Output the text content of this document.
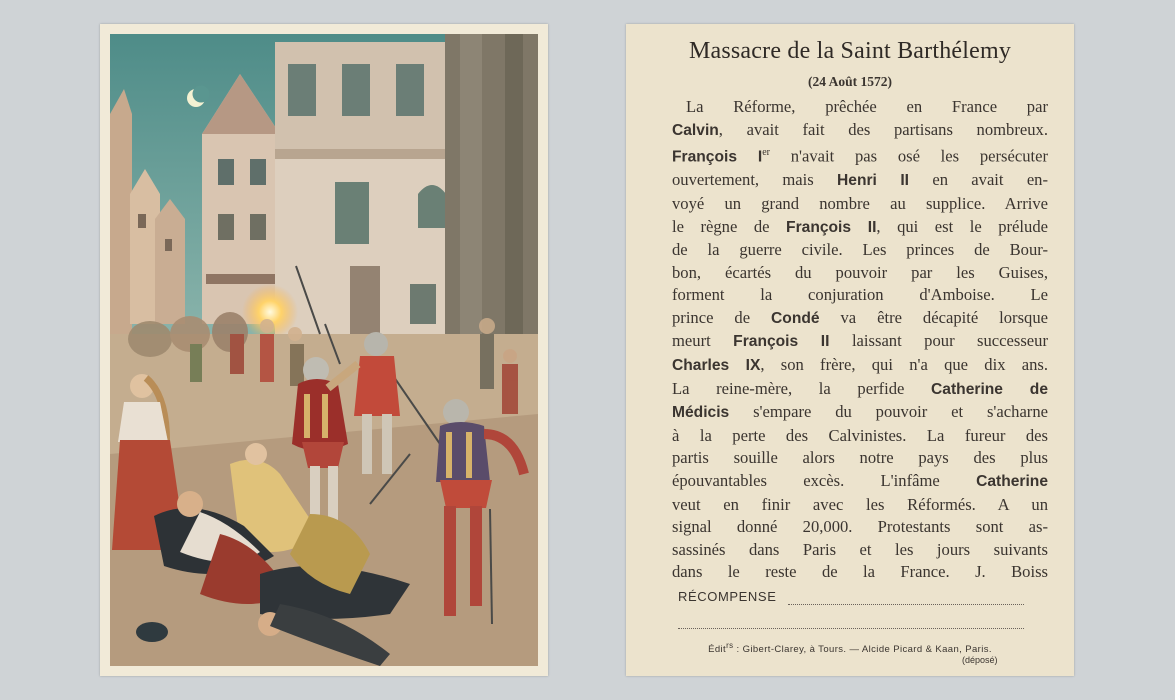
Massacre de la Saint Barthélemy
(24 Août 1572)
La Réforme, prêchée en France par
Calvin, avait fait des partisans nombreux.
François Ier n'avait pas osé les persécuter
ouvertement, mais Henri II en avait en-
voyé un grand nombre au supplice. Arrive
le règne de François II, qui est le prélude
de la guerre civile. Les princes de Bour-
bon, écartés du pouvoir par les Guises,
forment la conjuration d'Amboise. Le
prince de Condé va être décapité lorsque
meurt François II laissant pour successeur
Charles IX, son frère, qui n'a que dix ans.
La reine-mère, la perfide Catherine de
Médicis s'empare du pouvoir et s'acharne
à la perte des Calvinistes. La fureur des
partis souille alors notre pays des plus
épouvantables excès. L'infâme Catherine
veut en finir avec les Réformés. A un
signal donné 20,000. Protestants sont as-
sassinés dans Paris et les jours suivants
dans le reste de la France. J. Boiss
RÉCOMPENSE
Édit$^{rs}$ : Gibert-Clarey, à Tours. — Alcide Picard & Kaan, Paris.
(déposé)
